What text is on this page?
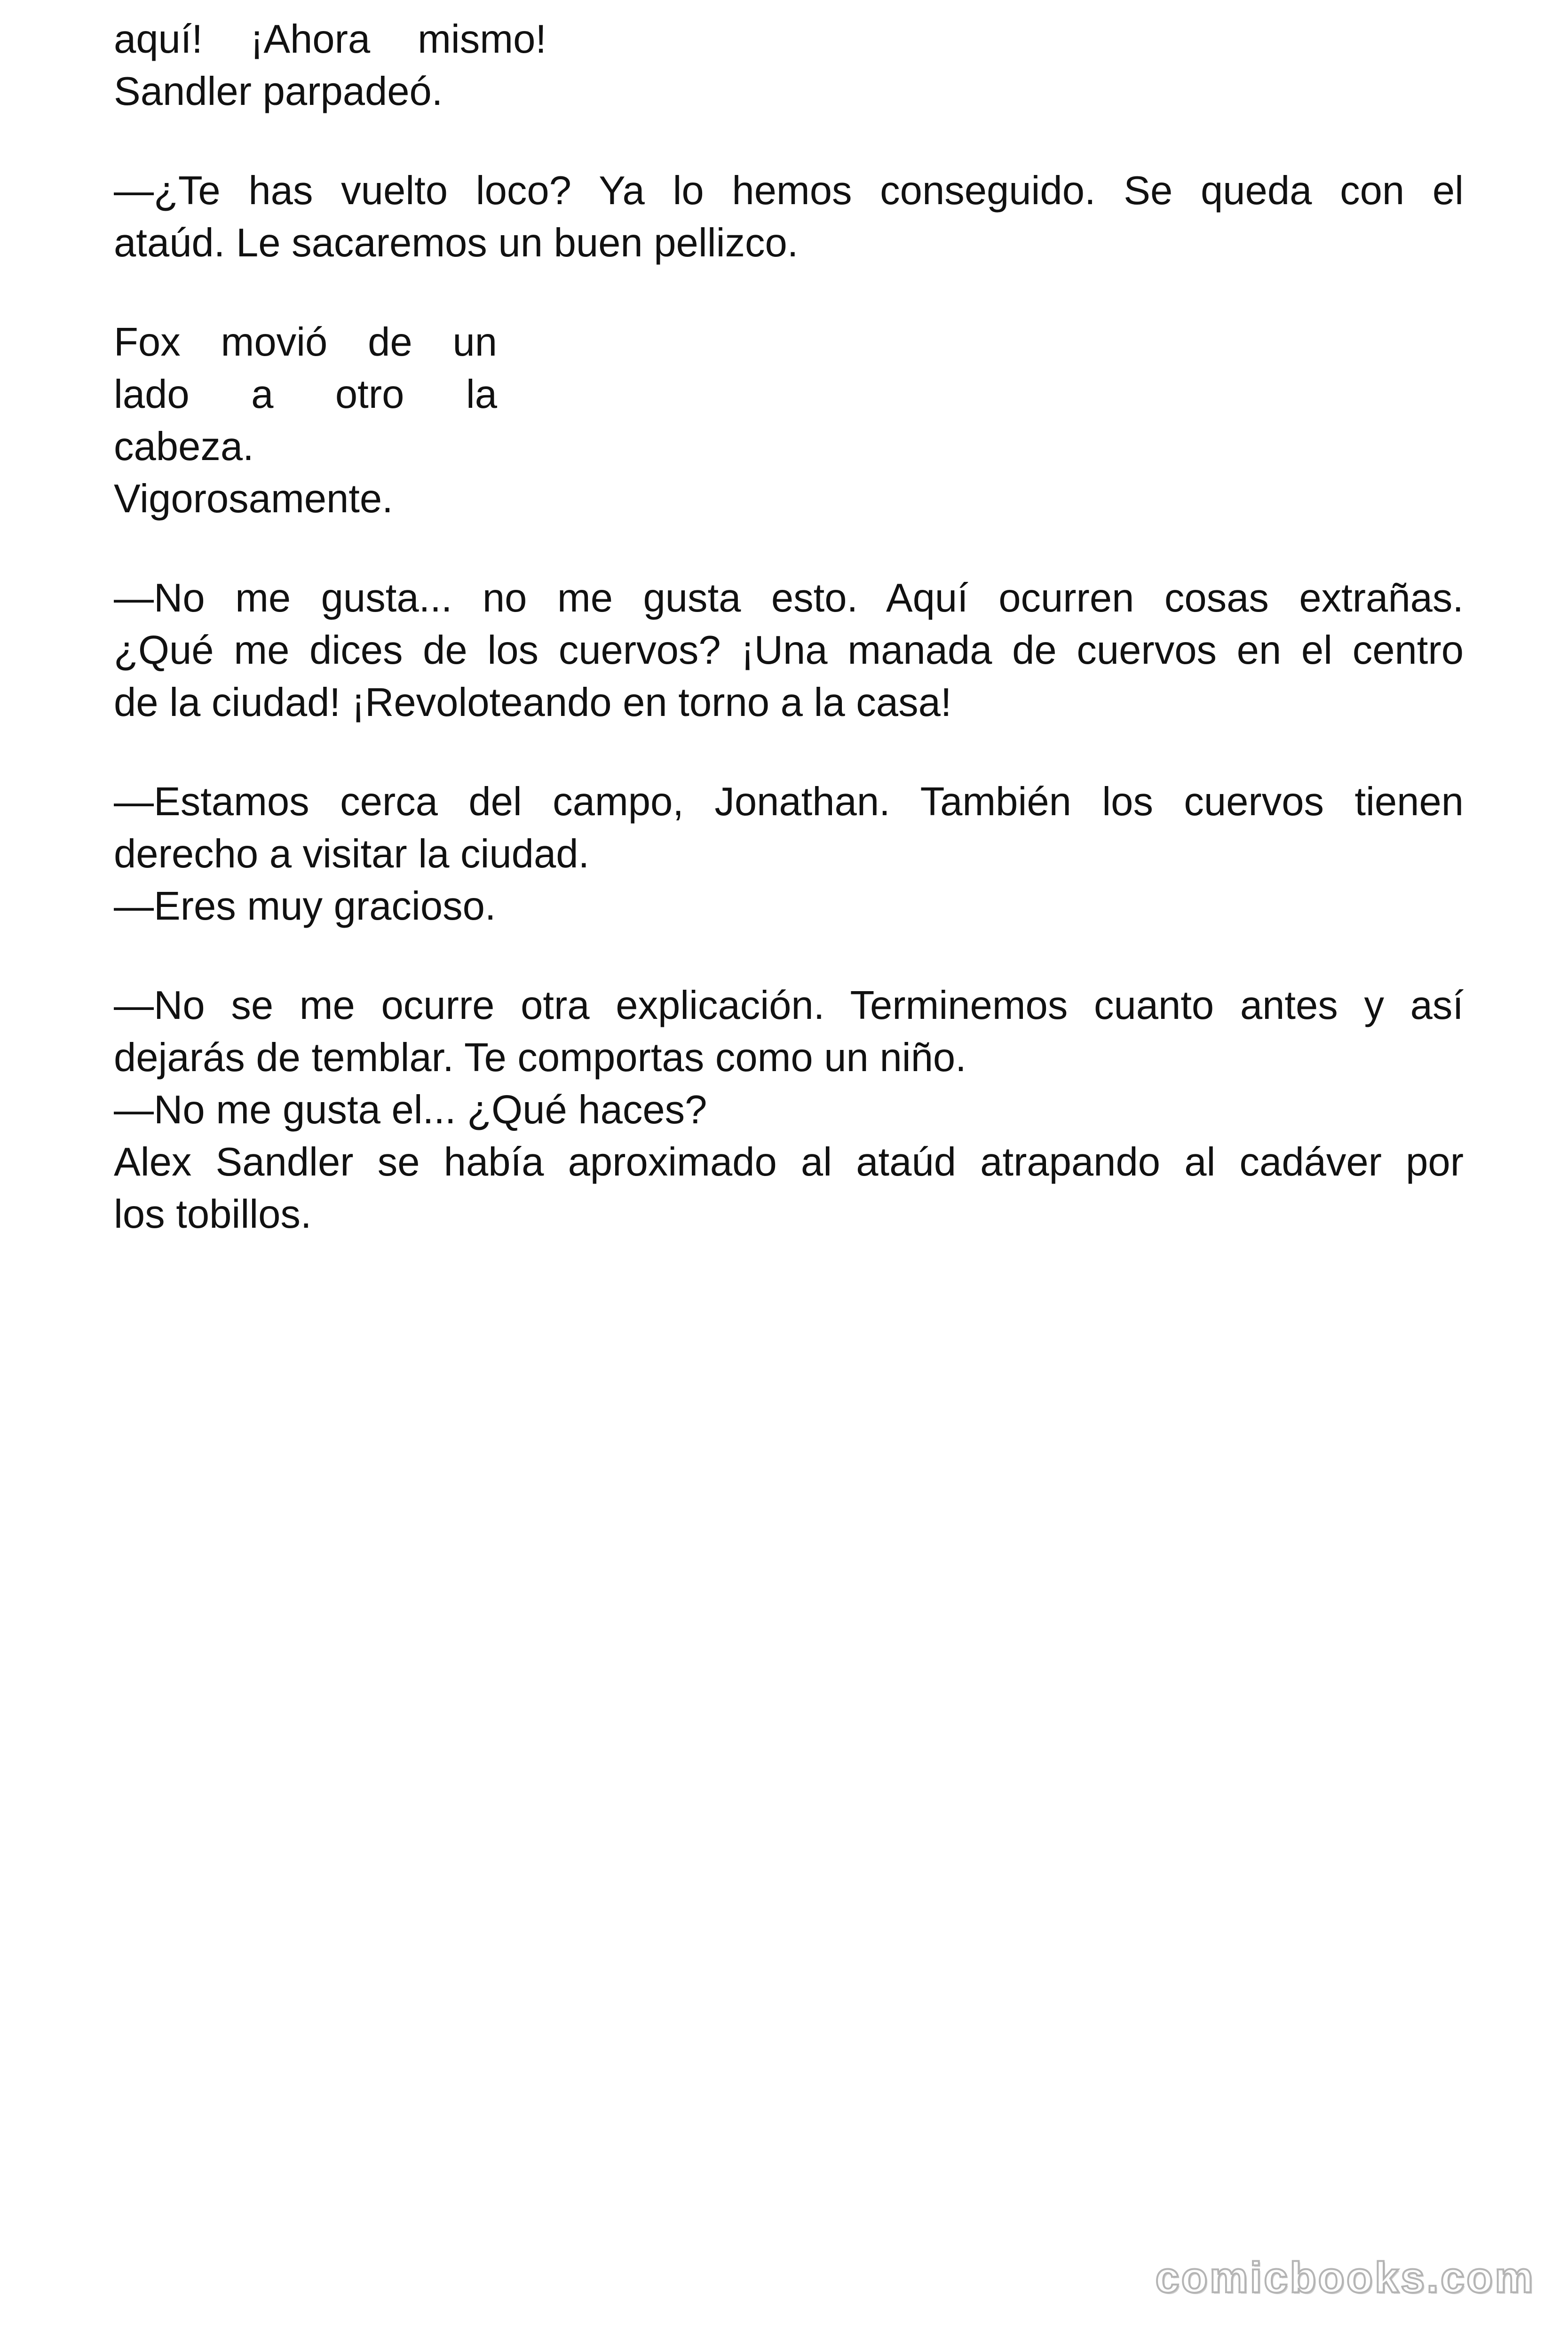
aquí! ¡Ahora mismo!
Sandler parpadeó.

—¿Te has vuelto loco? Ya lo hemos conseguido. Se queda con el
ataúd. Le sacaremos un buen pellizco.

Fox movió de un
lado a otro la
cabeza.
Vigorosamente.

—No me gusta... no me gusta esto. Aquí ocurren cosas extrañas.
¿Qué me dices de los cuervos? ¡Una manada de cuervos en el centro
de la ciudad! ¡Revoloteando en torno a la casa!

—Estamos cerca del campo, Jonathan. También los cuervos tienen
derecho a visitar la ciudad.
—Eres muy gracioso.

—No se me ocurre otra explicación. Terminemos cuanto antes y así
dejarás de temblar. Te comportas como un niño.
—No me gusta el... ¿Qué haces?
Alex Sandler se había aproximado al ataúd atrapando al cadáver por
los tobillos.

comicbooks.com
